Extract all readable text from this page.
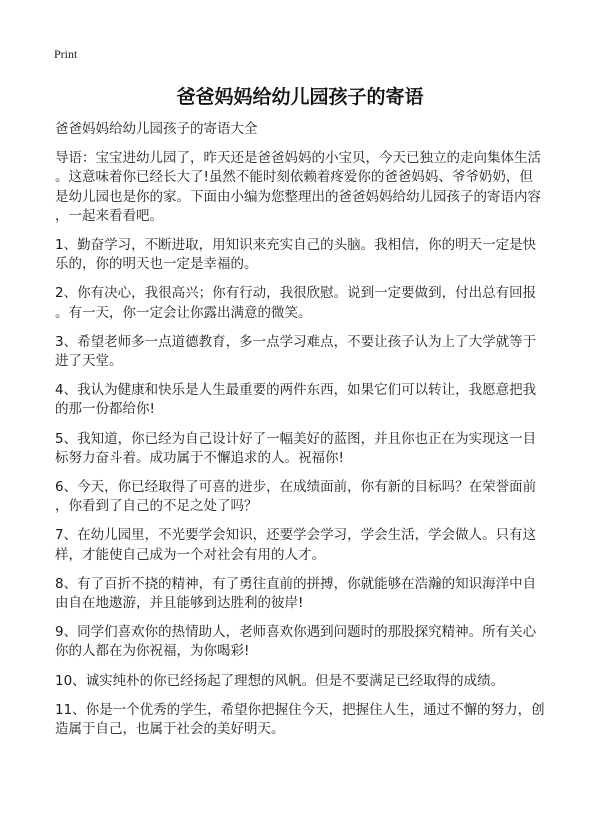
Print
爸爸妈妈给幼儿园孩子的寄语
爸爸妈妈给幼儿园孩子的寄语大全
导语：宝宝进幼儿园了，昨天还是爸爸妈妈的小宝贝，今天已独立的走向集体生活
。这意味着你已经长大了!虽然不能时刻依赖着疼爱你的爸爸妈妈、爷爷奶奶，但
是幼儿园也是你的家。下面由小编为您整理出的爸爸妈妈给幼儿园孩子的寄语内容
，一起来看看吧。
1、勤奋学习，不断进取，用知识来充实自己的头脑。我相信，你的明天一定是快
乐的，你的明天也一定是幸福的。
2、你有决心，我很高兴；你有行动，我很欣慰。说到一定要做到，付出总有回报
。有一天，你一定会让你露出满意的微笑。
3、希望老师多一点道德教育，多一点学习难点，不要让孩子认为上了大学就等于
进了天堂。
4、我认为健康和快乐是人生最重要的两件东西，如果它们可以转让，我愿意把我
的那一份都给你!
5、我知道，你已经为自己设计好了一幅美好的蓝图，并且你也正在为实现这一目
标努力奋斗着。成功属于不懈追求的人。祝福你!
6、今天，你已经取得了可喜的进步，在成绩面前，你有新的目标吗？在荣誉面前
，你看到了自己的不足之处了吗？
7、在幼儿园里，不光要学会知识，还要学会学习，学会生活，学会做人。只有这
样，才能使自己成为一个对社会有用的人才。
8、有了百折不挠的精神，有了勇往直前的拼搏，你就能够在浩瀚的知识海洋中自
由自在地遨游，并且能够到达胜利的彼岸!
9、同学们喜欢你的热情助人，老师喜欢你遇到问题时的那股探究精神。所有关心
你的人都在为你祝福，为你喝彩!
10、诚实纯朴的你已经扬起了理想的风帆。但是不要满足已经取得的成绩。
11、你是一个优秀的学生，希望你把握住今天，把握住人生，通过不懈的努力，创
造属于自己，也属于社会的美好明天。
